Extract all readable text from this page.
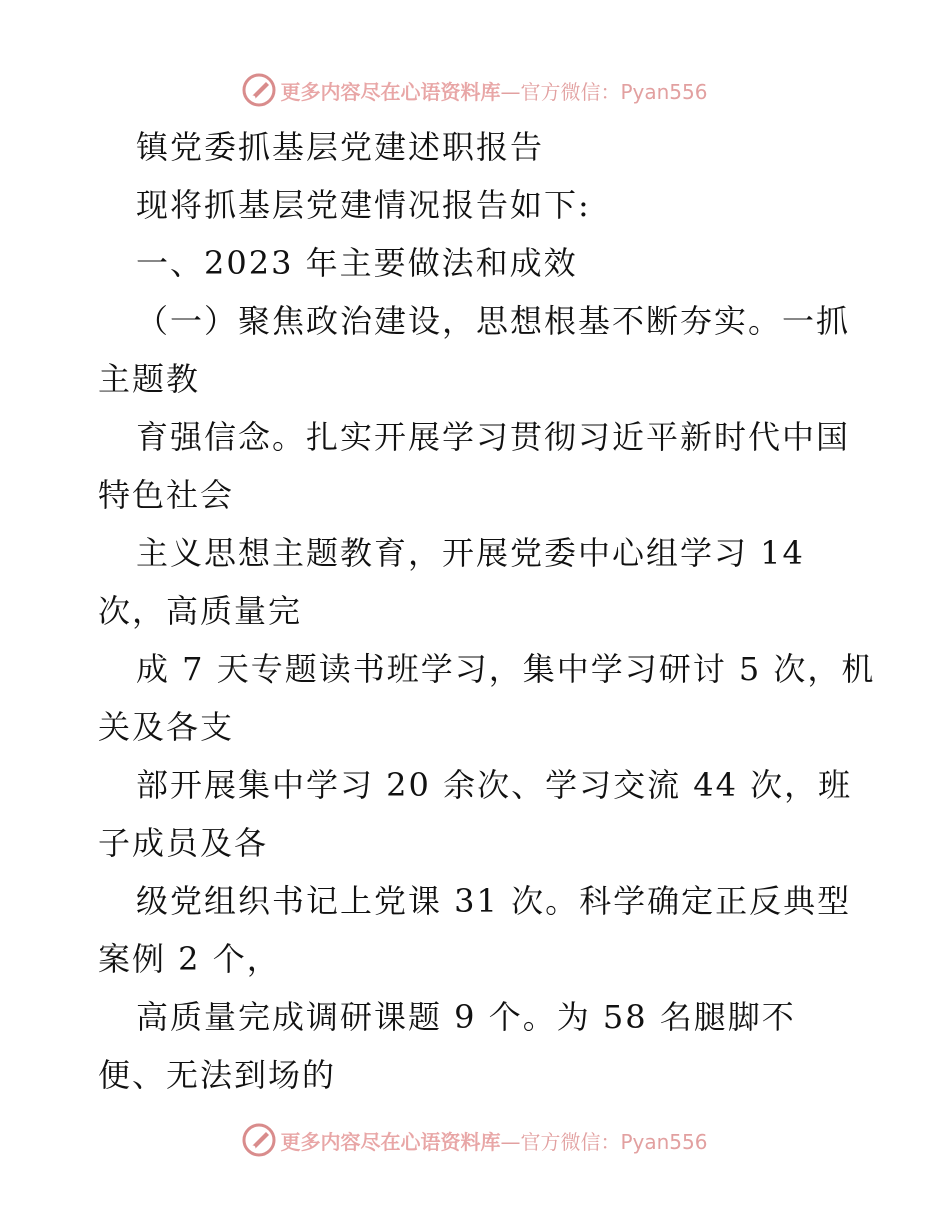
更多内容尽在心语资料库—官方微信：Pyan556
镇党委抓基层党建述职报告
现将抓基层党建情况报告如下:
一、2023 年主要做法和成效
（一）聚焦政治建设，思想根基不断夯实。一抓
主题教
育强信念。扎实开展学习贯彻习近平新时代中国
特色社会
主义思想主题教育，开展党委中心组学习 14
次，高质量完
成 7 天专题读书班学习，集中学习研讨 5 次，机
关及各支
部开展集中学习 20 余次、学习交流 44 次，班
子成员及各
级党组织书记上党课 31 次。科学确定正反典型
案例 2 个，
高质量完成调研课题 9 个。为 58 名腿脚不
便、无法到场的
更多内容尽在心语资料库—官方微信：Pyan556
